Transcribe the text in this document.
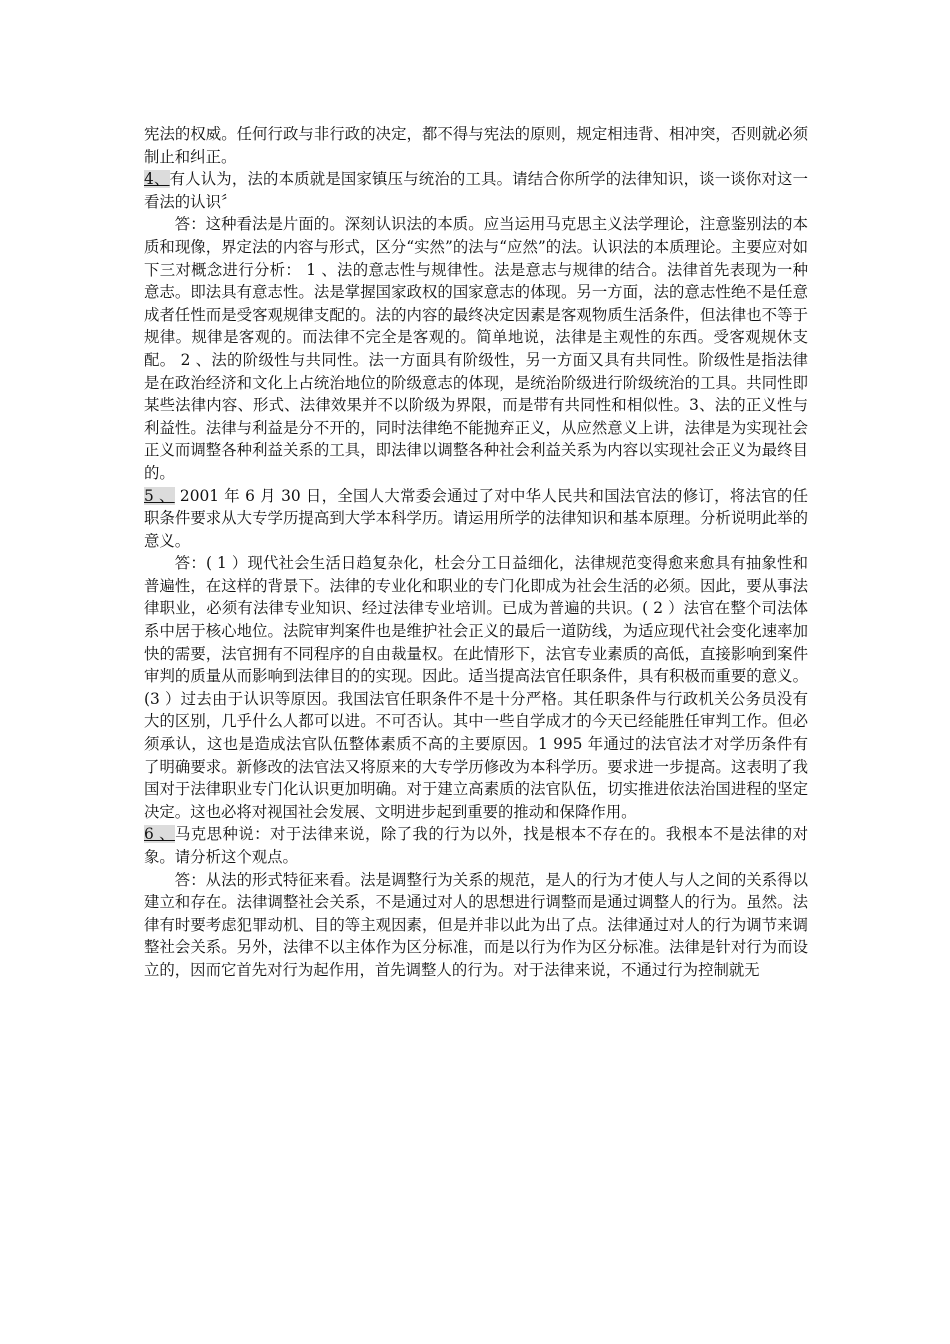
宪法的权威。任何行政与非行政的决定，都不得与宪法的原则，规定相违背、相冲突，否则就必须制止和纠正。

4、有人认为，法的本质就是国家镇压与统治的工具。请结合你所学的法律知识，谈一谈你对这一看法的认识〞

答：这种看法是片面的。深刻认识法的本质。应当运用马克思主义法学理论，注意鉴别法的本质和现像，界定法的内容与形式，区分“实然”的法与“应然”的法。认识法的本质理论。主要应对如下三对概念进行分析： 1 、法的意志性与规律性。法是意志与规律的结合。法律首先表现为一种意志。即法具有意志性。法是掌握国家政权的国家意志的体现。另一方面，法的意志性绝不是任意成者任性而是受客观规律支配的。法的内容的最终决定因素是客观物质生活条件，但法律也不等于规律。规律是客观的。而法律不完全是客观的。简单地说，法律是主观性的东西。受客观规休支配。 2 、法的阶级性与共同性。法一方面具有阶级性，另一方面又具有共同性。阶级性是指法律是在政治经济和文化上占统治地位的阶级意志的体现，是统治阶级进行阶级统治的工具。共同性即某些法律内容、形式、法律效果并不以阶级为界限，而是带有共同性和相似性。3、法的正义性与利益性。法律与利益是分不开的，同时法律绝不能抛弃正义，从应然意义上讲，法律是为实现社会正义而调整各种利益关系的工具，即法律以调整各种社会利益关系为内容以实现社会正义为最终目的。

5 、 2001 年 6 月 30 日，全国人大常委会通过了对中华人民共和国法官法的修订，将法官的任职条件要求从大专学历提高到大学本科学历。请运用所学的法律知识和基本原理。分析说明此举的意义。

答：( 1 ）现代社会生活日趋复杂化，杜会分工日益细化，法律规范变得愈来愈具有抽象性和普遍性，在这样的背景下。法律的专业化和职业的专门化即成为社会生活的必须。因此，要从事法律职业，必须有法律专业知识、经过法律专业培训。已成为普遍的共识。( 2 ）法官在整个司法体系中居于核心地位。法院审判案件也是维护社会正义的最后一道防线，为适应现代社会变化速率加快的需要，法官拥有不同程序的自由裁量权。在此情形下，法官专业素质的高低，直接影响到案件审判的质量从而影响到法律目的的实现。因此。适当提高法官任职条件，具有积极而重要的意义。(3 ）过去由于认识等原因。我国法官任职条件不是十分严格。其任职条件与行政机关公务员没有大的区别，几乎什么人都可以进。不可否认。其中一些自学成才的今天已经能胜任审判工作。但必须承认，这也是造成法官队伍整体素质不高的主要原因。1 995 年通过的法官法才对学历条件有了明确要求。新修改的法官法又将原来的大专学历修改为本科学历。要求进一步提高。这表明了我国对于法律职业专门化认识更加明确。对于建立高素质的法官队伍，切实推进依法治国进程的坚定决定。这也必将对视国社会发展、文明进步起到重要的推动和保降作用。

6 、马克思种说：对于法律来说，除了我的行为以外，找是根本不存在的。我根本不是法律的对象。请分析这个观点。

答：从法的形式特征来看。法是调整行为关系的规范，是人的行为才使人与人之间的关系得以建立和存在。法律调整社会关系，不是通过对人的思想进行调整而是通过调整人的行为。虽然。法律有时要考虑犯罪动机、目的等主观因素，但是并非以此为出了点。法律通过对人的行为调节来调整社会关系。另外，法律不以主体作为区分标准，而是以行为作为区分标准。法律是针对行为而设立的，因而它首先对行为起作用，首先调整人的行为。对于法律来说，不通过行为控制就无
